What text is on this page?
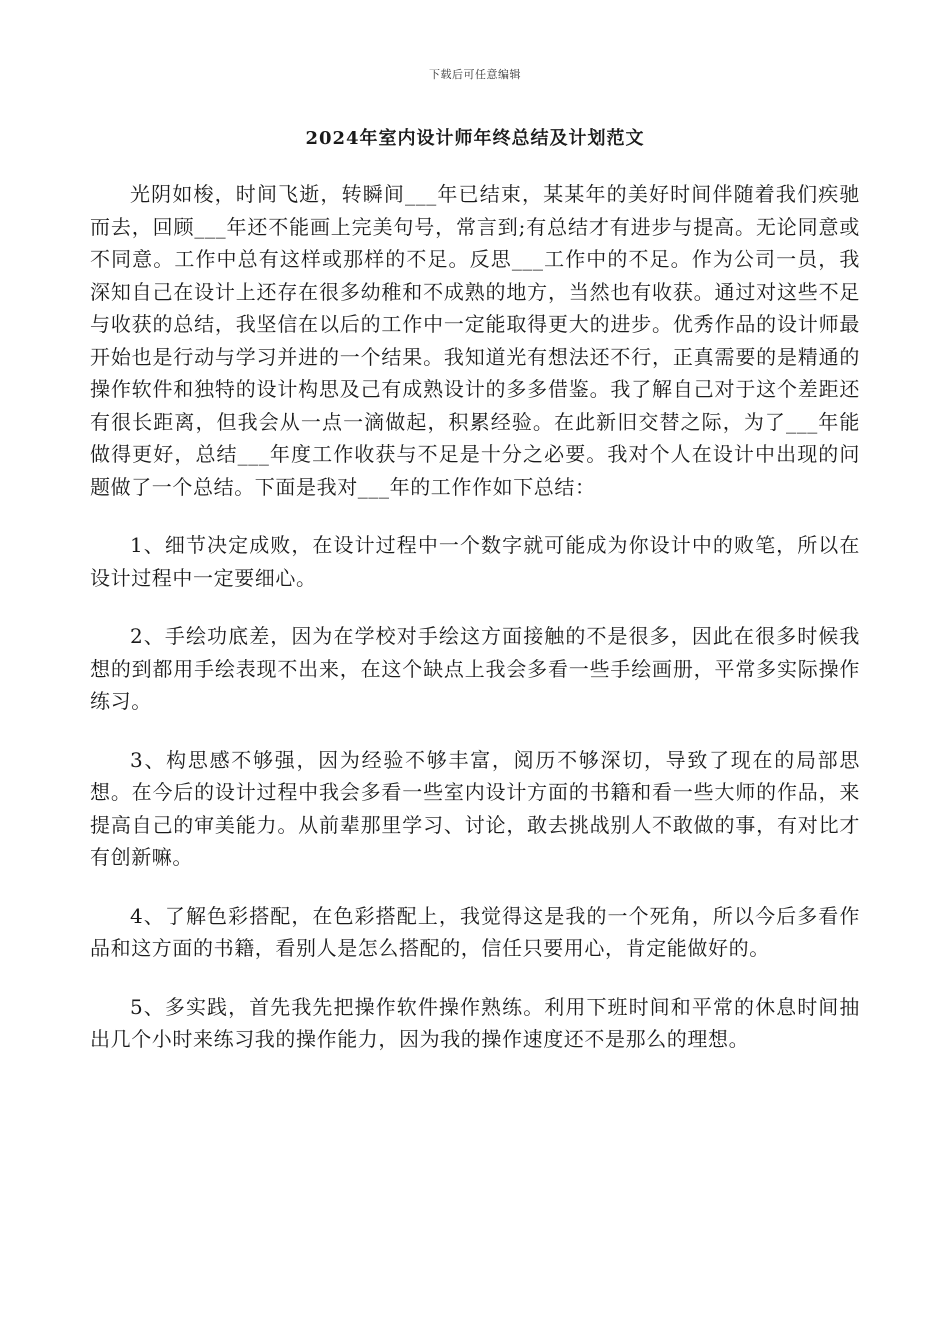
下载后可任意编辑
2024年室内设计师年终总结及计划范文

光阴如梭，时间飞逝，转瞬间___年已结束，某某年的美好时间伴随着我们疾驰而去，回顾___年还不能画上完美句号，常言到;有总结才有进步与提高。无论同意或不同意。工作中总有这样或那样的不足。反思___工作中的不足。作为公司一员，我深知自己在设计上还存在很多幼稚和不成熟的地方，当然也有收获。通过对这些不足与收获的总结，我坚信在以后的工作中一定能取得更大的进步。优秀作品的设计师最开始也是行动与学习并进的一个结果。我知道光有想法还不行，正真需要的是精通的操作软件和独特的设计构思及己有成熟设计的多多借鉴。我了解自己对于这个差距还有很长距离，但我会从一点一滴做起，积累经验。在此新旧交替之际，为了___年能做得更好，总结___年度工作收获与不足是十分之必要。我对个人在设计中出现的问题做了一个总结。下面是我对___年的工作作如下总结：

1、细节决定成败，在设计过程中一个数字就可能成为你设计中的败笔，所以在设计过程中一定要细心。

2、手绘功底差，因为在学校对手绘这方面接触的不是很多，因此在很多时候我想的到都用手绘表现不出来，在这个缺点上我会多看一些手绘画册，平常多实际操作练习。

3、构思感不够强，因为经验不够丰富，阅历不够深切，导致了现在的局部思想。在今后的设计过程中我会多看一些室内设计方面的书籍和看一些大师的作品，来提高自己的审美能力。从前辈那里学习、讨论，敢去挑战别人不敢做的事，有对比才有创新嘛。

4、了解色彩搭配，在色彩搭配上，我觉得这是我的一个死角，所以今后多看作品和这方面的书籍，看别人是怎么搭配的，信任只要用心，肯定能做好的。

5、多实践，首先我先把操作软件操作熟练。利用下班时间和平常的休息时间抽出几个小时来练习我的操作能力，因为我的操作速度还不是那么的理想。
